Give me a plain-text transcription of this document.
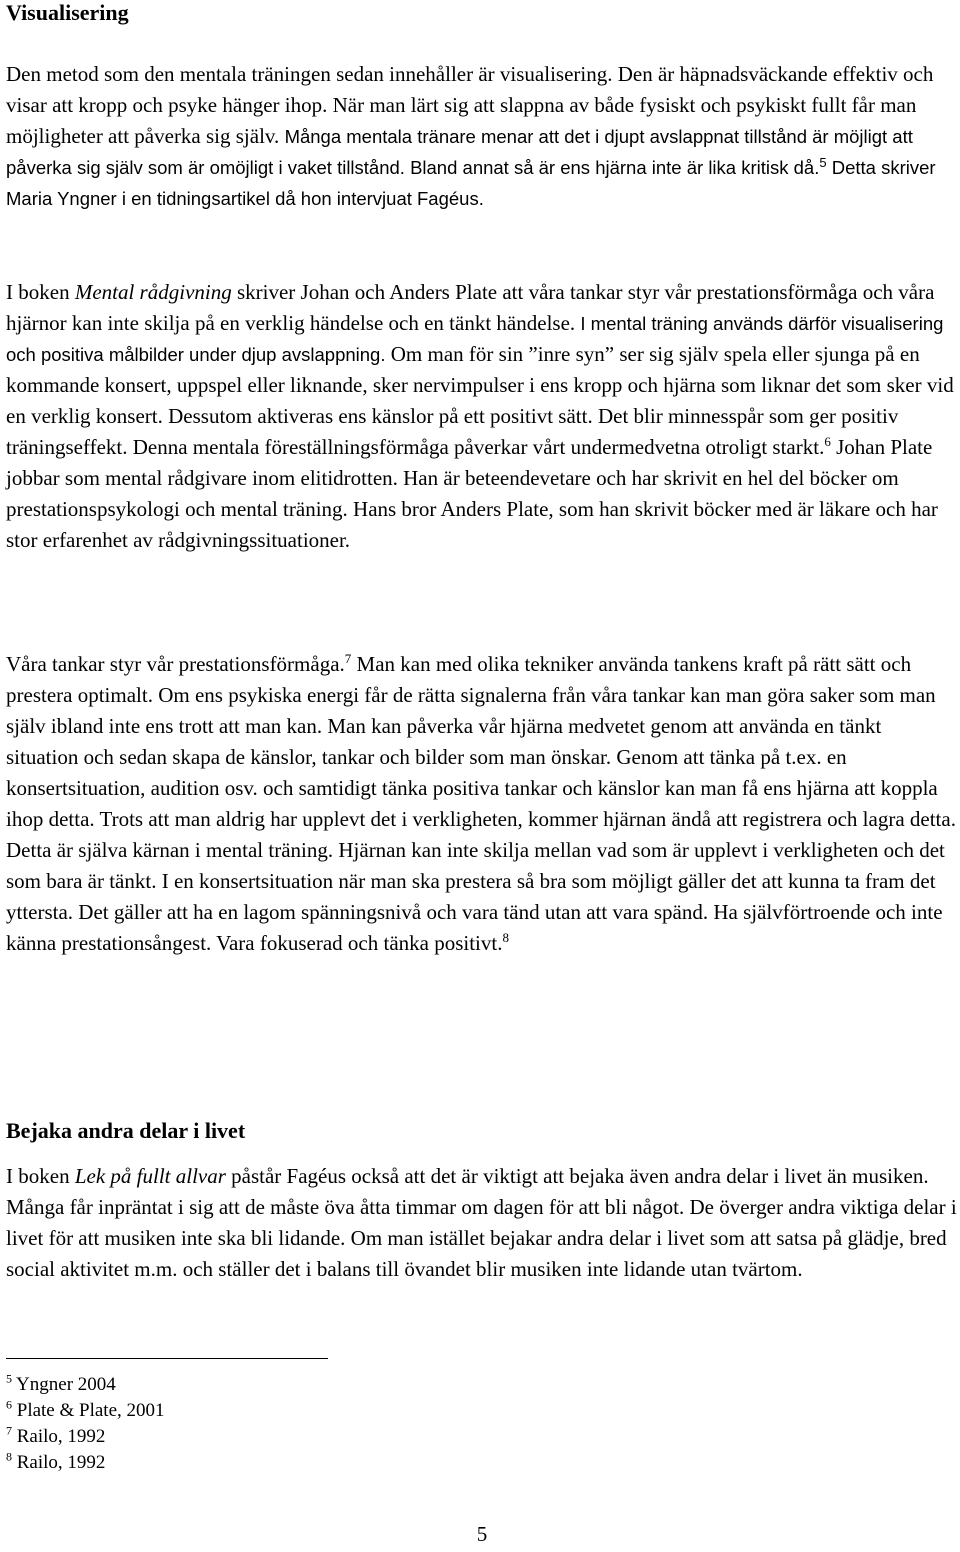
Visualisering

Den metod som den mentala träningen sedan innehåller är visualisering. Den är häpnadsväckande effektiv och visar att kropp och psyke hänger ihop. När man lärt sig att slappna av både fysiskt och psykiskt fullt får man möjligheter att påverka sig själv. Många mentala tränare menar att det i djupt avslappnat tillstånd är möjligt att påverka sig själv som är omöjligt i vaket tillstånd. Bland annat så är ens hjärna inte är lika kritisk då.$^5$ Detta skriver Maria Yngner i en tidningsartikel då hon intervjuat Fagéus.

I boken Mental rådgivning skriver Johan och Anders Plate att våra tankar styr vår prestationsförmåga och våra hjärnor kan inte skilja på en verklig händelse och en tänkt händelse. I mental träning används därför visualisering och positiva målbilder under djup avslappning. Om man för sin ”inre syn” ser sig själv spela eller sjunga på en kommande konsert, uppspel eller liknande, sker nervimpulser i ens kropp och hjärna som liknar det som sker vid en verklig konsert. Dessutom aktiveras ens känslor på ett positivt sätt. Det blir minnesspår som ger positiv träningseffekt. Denna mentala föreställningsförmåga påverkar vårt undermedvetna otroligt starkt.$^6$ Johan Plate jobbar som mental rådgivare inom elitidrotten. Han är beteendevetare och har skrivit en hel del böcker om prestationspsykologi och mental träning. Hans bror Anders Plate, som han skrivit böcker med är läkare och har stor erfarenhet av rådgivningssituationer.

Våra tankar styr vår prestationsförmåga.$^7$ Man kan med olika tekniker använda tankens kraft på rätt sätt och prestera optimalt. Om ens psykiska energi får de rätta signalerna från våra tankar kan man göra saker som man själv ibland inte ens trott att man kan. Man kan påverka vår hjärna medvetet genom att använda en tänkt situation och sedan skapa de känslor, tankar och bilder som man önskar. Genom att tänka på t.ex. en konsertsituation, audition osv. och samtidigt tänka positiva tankar och känslor kan man få ens hjärna att koppla ihop detta. Trots att man aldrig har upplevt det i verkligheten, kommer hjärnan ändå att registrera och lagra detta. Detta är själva kärnan i mental träning. Hjärnan kan inte skilja mellan vad som är upplevt i verkligheten och det som bara är tänkt. I en konsertsituation när man ska prestera så bra som möjligt gäller det att kunna ta fram det yttersta. Det gäller att ha en lagom spänningsnivå och vara tänd utan att vara spänd. Ha självförtroende och inte känna prestationsångest. Vara fokuserad och tänka positivt.$^8$

Bejaka andra delar i livet

I boken Lek på fullt allvar påstår Fagéus också att det är viktigt att bejaka även andra delar i livet än musiken. Många får inpräntat i sig att de måste öva åtta timmar om dagen för att bli något. De överger andra viktiga delar i livet för att musiken inte ska bli lidande. Om man istället bejakar andra delar i livet som att satsa på glädje, bred social aktivitet m.m. och ställer det i balans till övandet blir musiken inte lidande utan tvärtom.

$^5$ Yngner 2004
$^6$ Plate & Plate, 2001
$^7$ Railo, 1992
$^8$ Railo, 1992
5
